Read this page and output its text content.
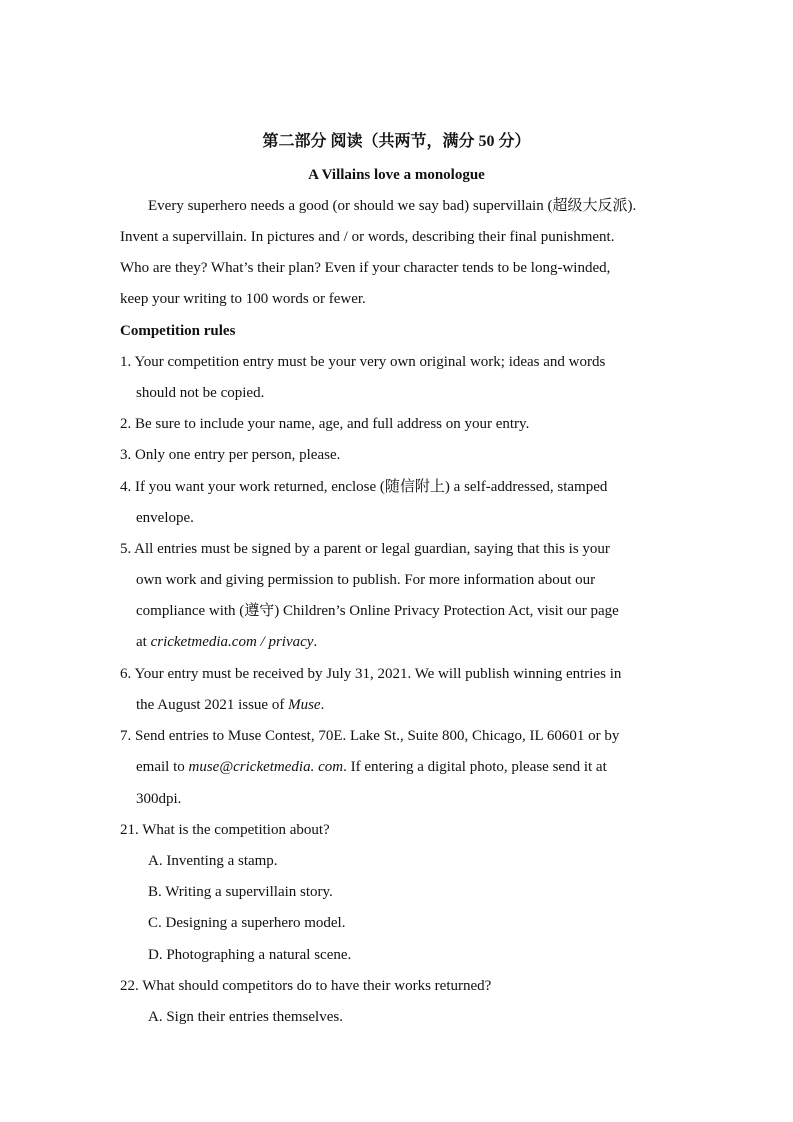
第二部分 阅读（共两节，满分 50 分）
A Villains love a monologue
Every superhero needs a good (or should we say bad) supervillain (超级大反派).
Invent a supervillain. In pictures and / or words, describing their final punishment.
Who are they? What’s their plan? Even if your character tends to be long-winded,
keep your writing to 100 words or fewer.
Competition rules
1. Your competition entry must be your very own original work; ideas and words
should not be copied.
2. Be sure to include your name, age, and full address on your entry.
3. Only one entry per person, please.
4. If you want your work returned, enclose (随信附上) a self-addressed, stamped
envelope.
5. All entries must be signed by a parent or legal guardian, saying that this is your
own work and giving permission to publish. For more information about our
compliance with (遵守) Children’s Online Privacy Protection Act, visit our page
at cricketmedia.com / privacy.
6. Your entry must be received by July 31, 2021. We will publish winning entries in
the August 2021 issue of Muse.
7. Send entries to Muse Contest, 70E. Lake St., Suite 800, Chicago, IL 60601 or by
email to muse@cricketmedia. com. If entering a digital photo, please send it at
300dpi.
21. What is the competition about?
A. Inventing a stamp.
B. Writing a supervillain story.
C. Designing a superhero model.
D. Photographing a natural scene.
22. What should competitors do to have their works returned?
A. Sign their entries themselves.
